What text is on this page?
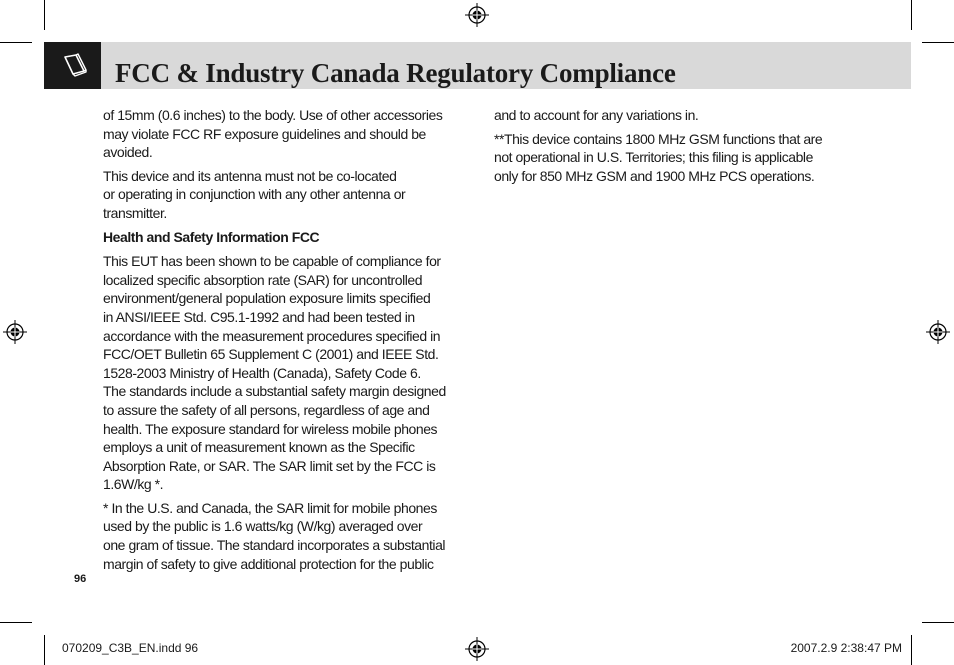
FCC & Industry Canada Regulatory Compliance

of 15mm (0.6 inches) to the body. Use of other accessories
may violate FCC RF exposure guidelines and should be
avoided.

This device and its antenna must not be co-located
or operating in conjunction with any other antenna or
transmitter.

Health and Safety Information FCC

This EUT has been shown to be capable of compliance for
localized specific absorption rate (SAR) for uncontrolled
environment/general population exposure limits specified
in ANSI/IEEE Std. C95.1-1992 and had been tested in
accordance with the measurement procedures specified in
FCC/OET Bulletin 65 Supplement C (2001) and IEEE Std.
1528-2003 Ministry of Health (Canada), Safety Code 6.
The standards include a substantial safety margin designed
to assure the safety of all persons, regardless of age and
health. The exposure standard for wireless mobile phones
employs a unit of measurement known as the Specific
Absorption Rate, or SAR. The SAR limit set by the FCC is
1.6W/kg *.

* In the U.S. and Canada, the SAR limit for mobile phones
used by the public is 1.6 watts/kg (W/kg) averaged over
one gram of tissue. The standard incorporates a substantial
margin of safety to give additional protection for the public

and to account for any variations in.

**This device contains 1800 MHz GSM functions that are
not operational in U.S. Territories; this filing is applicable
only for 850 MHz GSM and 1900 MHz PCS operations.

96
070209_C3B_EN.indd 96	2007.2.9 2:38:47 PM
